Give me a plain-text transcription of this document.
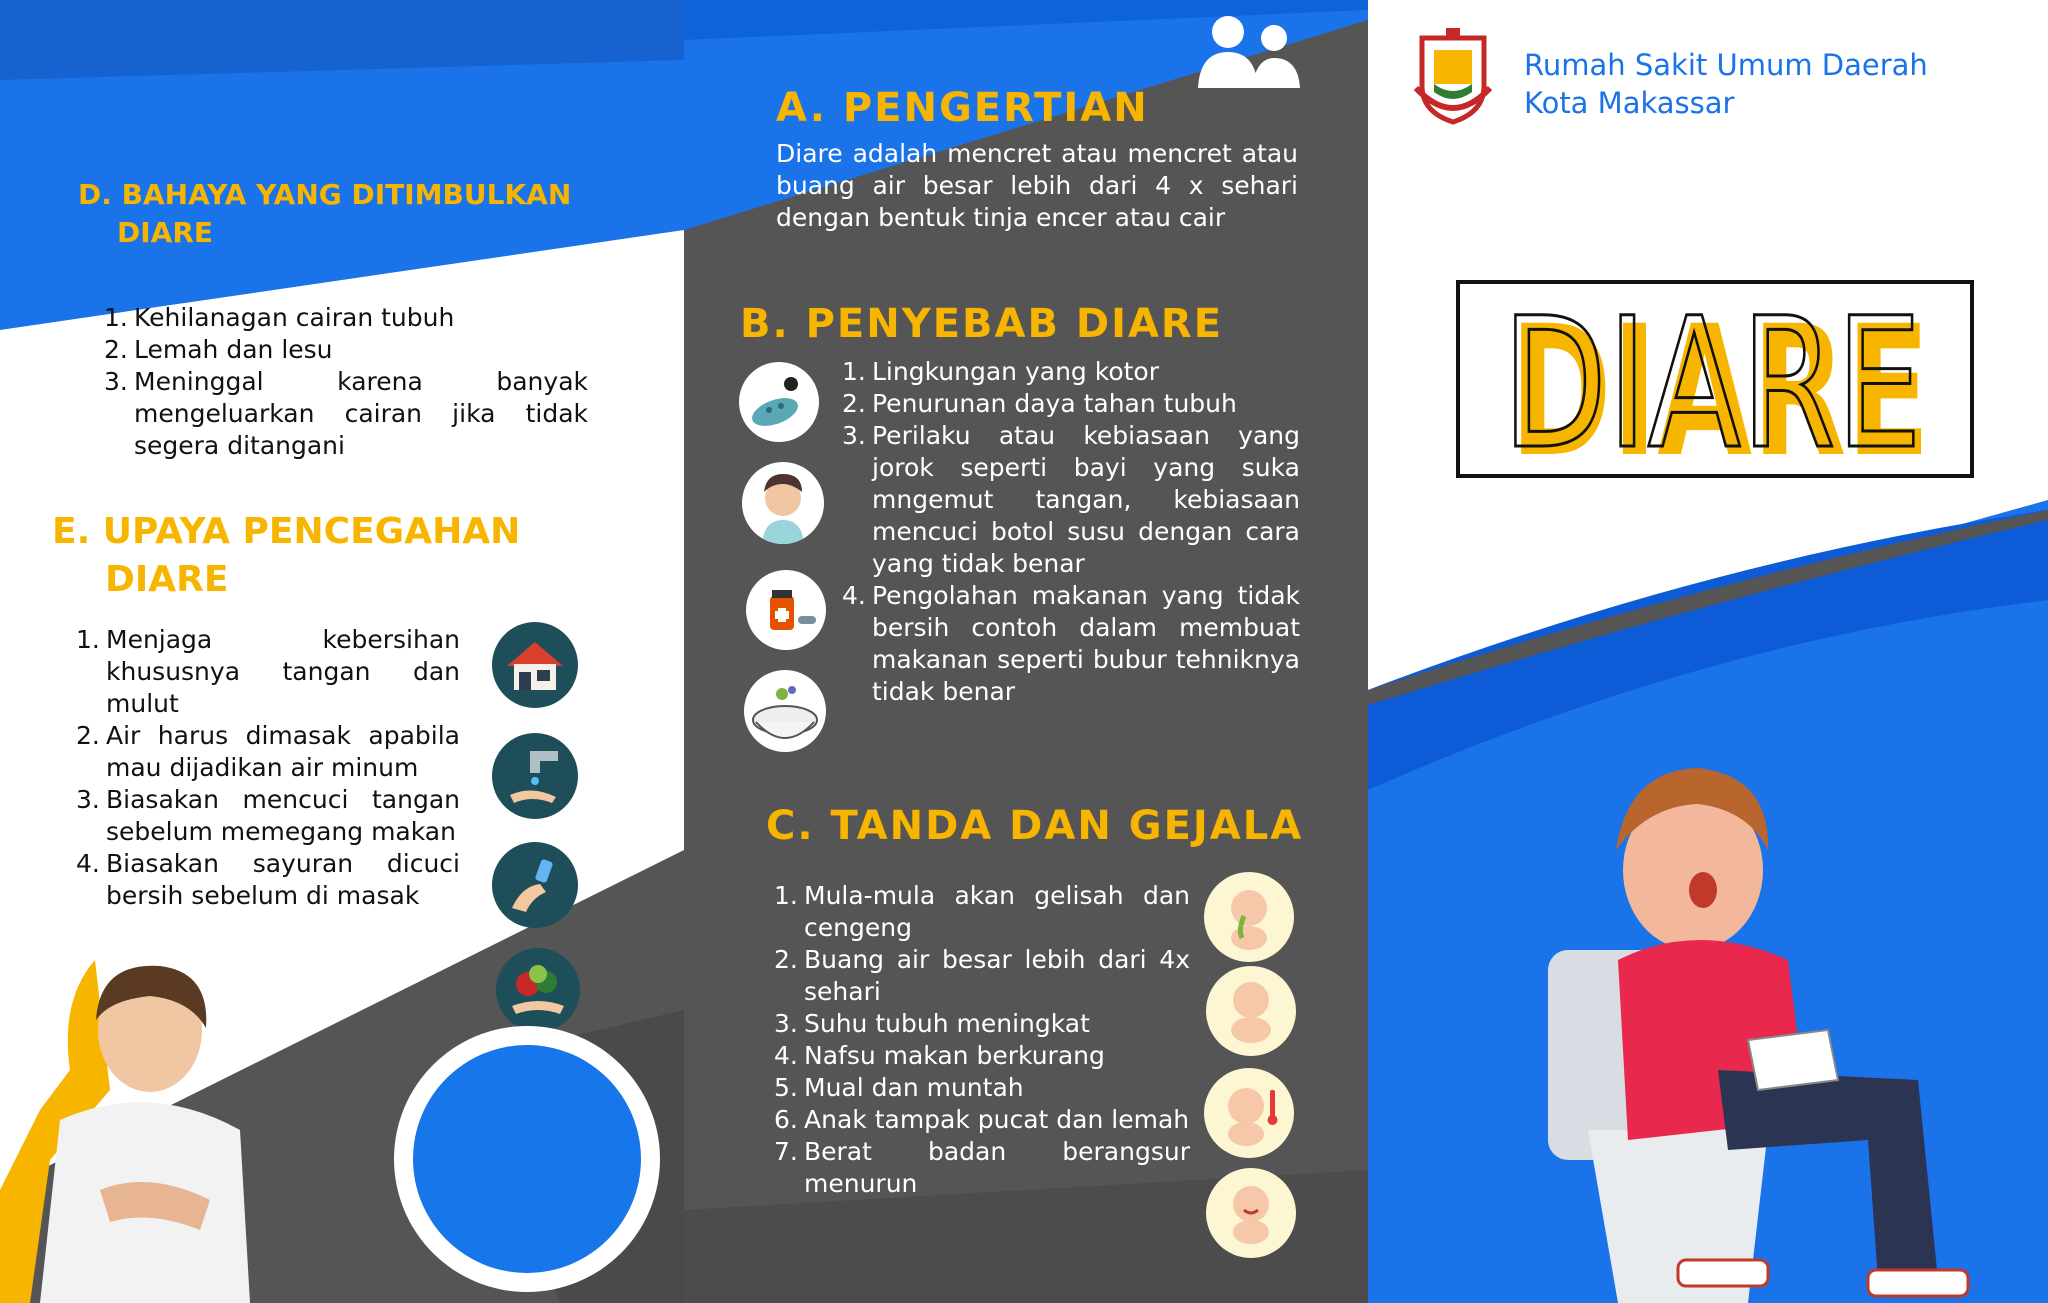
D. BAHAYA YANG DITIMBULKAN
DIARE
1. Kehilanagan cairan tubuh
2. Lemah dan lesu
3. Meninggal karena banyak mengeluarkan cairan jika tidak segera ditangani
E. UPAYA PENCEGAHAN
DIARE
1. Menjaga kebersihan khususnya tangan dan mulut
2. Air harus dimasak apabila mau dijadikan air minum
3. Biasakan mencuci tangan sebelum memegang makan
4. Biasakan sayuran dicuci bersih sebelum di masak
A. PENGERTIAN
Diare adalah mencret atau mencret atau buang air besar lebih dari 4 x sehari dengan bentuk tinja encer atau cair
B. PENYEBAB DIARE
1. Lingkungan yang kotor
2. Penurunan daya tahan tubuh
3. Perilaku atau kebiasaan yang jorok seperti bayi yang suka mngemut tangan, kebiasaan mencuci botol susu dengan cara yang tidak benar
4. Pengolahan makanan yang tidak bersih contoh dalam membuat makanan seperti bubur tehniknya tidak benar
C. TANDA DAN GEJALA
1. Mula-mula akan gelisah dan cengeng
2. Buang air besar lebih dari 4x sehari
3. Suhu tubuh meningkat
4. Nafsu makan berkurang
5. Mual dan muntah
6. Anak tampak pucat dan lemah
7. Berat badan berangsur menurun
Rumah Sakit Umum Daerah
Kota Makassar
DIARE
DIARE
